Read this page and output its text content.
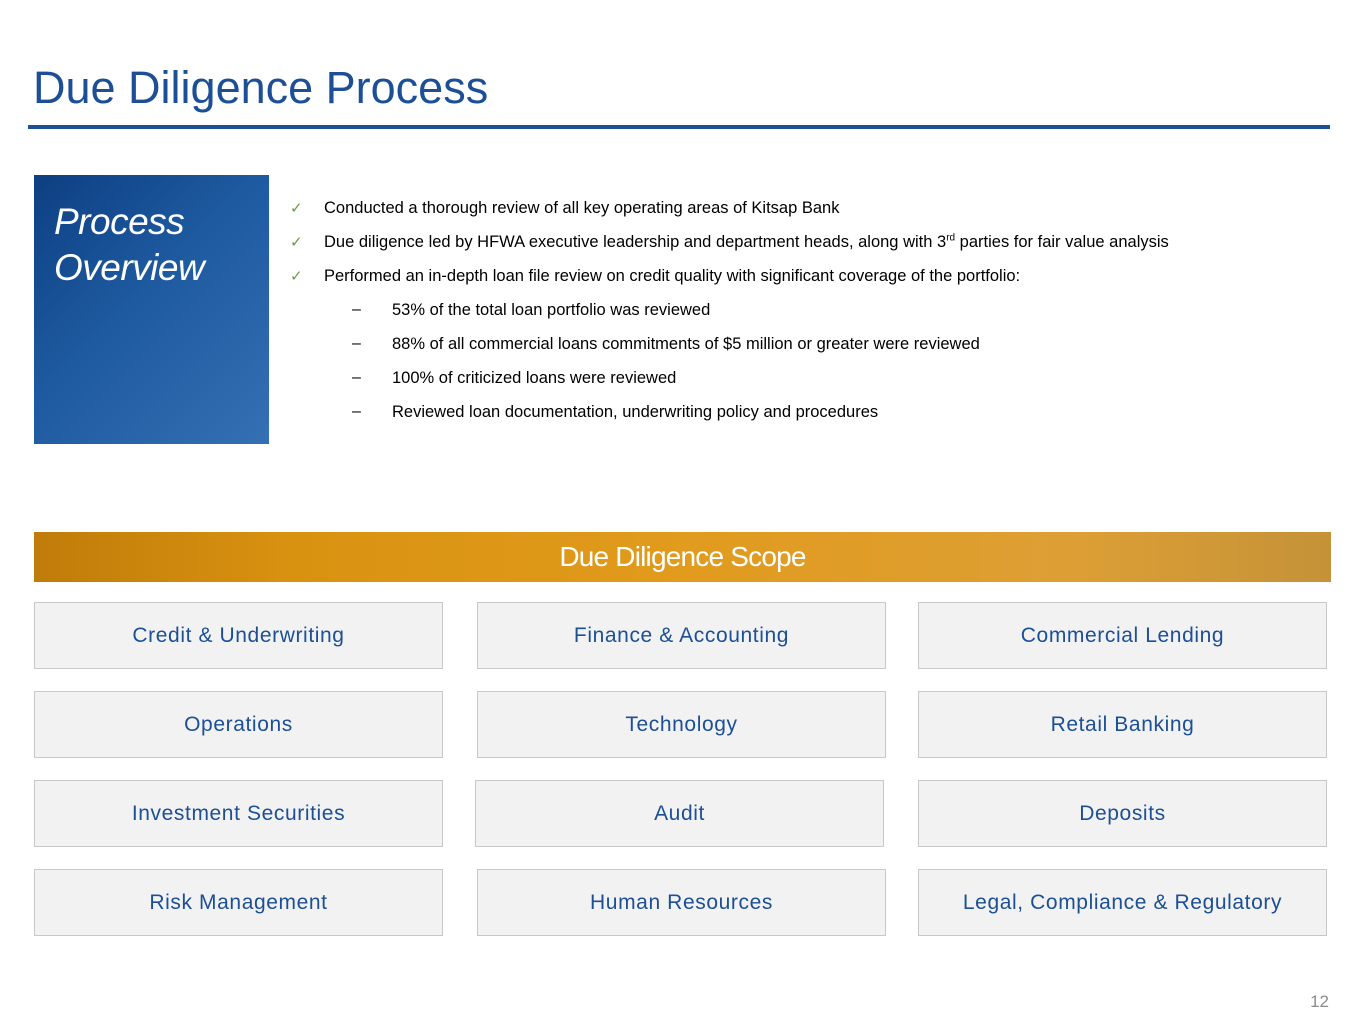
Due Diligence Process
Process
Overview
✓ Conducted a thorough review of all key operating areas of Kitsap Bank
✓ Due diligence led by HFWA executive leadership and department heads, along with 3rd parties for fair value analysis
✓ Performed an in-depth loan file review on credit quality with significant coverage of the portfolio:
– 53% of the total loan portfolio was reviewed
– 88% of all commercial loans commitments of $5 million or greater were reviewed
– 100% of criticized loans were reviewed
– Reviewed loan documentation, underwriting policy and procedures
Due Diligence Scope
Credit & Underwriting	Finance & Accounting	Commercial Lending
Operations	Technology	Retail Banking
Investment Securities	Audit	Deposits
Risk Management	Human Resources	Legal, Compliance & Regulatory
12
